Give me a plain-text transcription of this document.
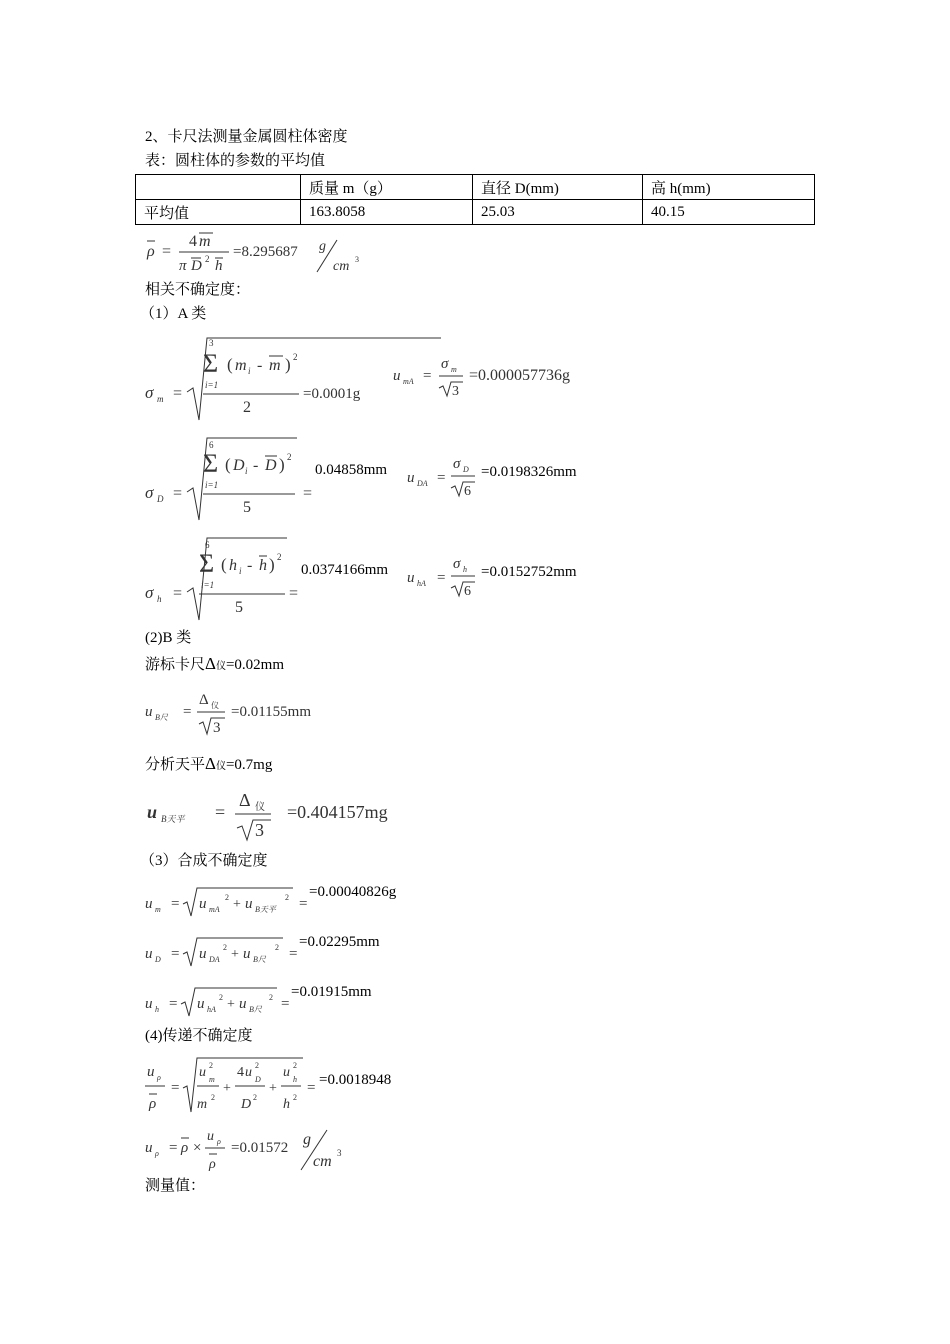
2、卡尺法测量金属圆柱体密度
表：圆柱体的参数的平均值
	质量 m（g）	直径 D(mm)	高 h(mm)
平均值	163.8058	25.03	40.15
ρ =
4 m
π D 2 h
=8.295687 g
cm 3
相关不确定度：
（1）A 类
σ m =
3
Σ
i=1
( m i - m ) 2
2
=0.0001g
u mA =
σ m
3
=0.000057736g
σ D =
6
Σ
i=1
( D i - D ) 2
5
=
0.04858mm u DA =
σ D
6
=0.0198326mm
σ h =
6
Σ
i=1
( h i - h ) 2
5
=
0.0374166mm u hA =
σ h
6
=0.0152752mm
(2)B 类
游标卡尺Δ仪=0.02mm
u B尺 =
Δ 仪
3
=0.01155mm
分析天平Δ仪=0.7mg
u B天平 =
Δ 仪
3
=0.404157mg
（3）合成不确定度
u m = u mA
2 + u B天平
2 =
=0.00040826g
u D = u DA
2 + u B尺
2 =
=0.02295mm
u h = u hA
2 + u B尺
2 =
=0.01915mm
(4)传递不确定度
u ρ
ρ
=
u 2
m
m 2
+
4 u 2
D
D 2
+
u 2
h
h 2
= =0.0018948
u ρ = ρ ×
u ρ
ρ
=0.01572 g
cm 3
测量值：
